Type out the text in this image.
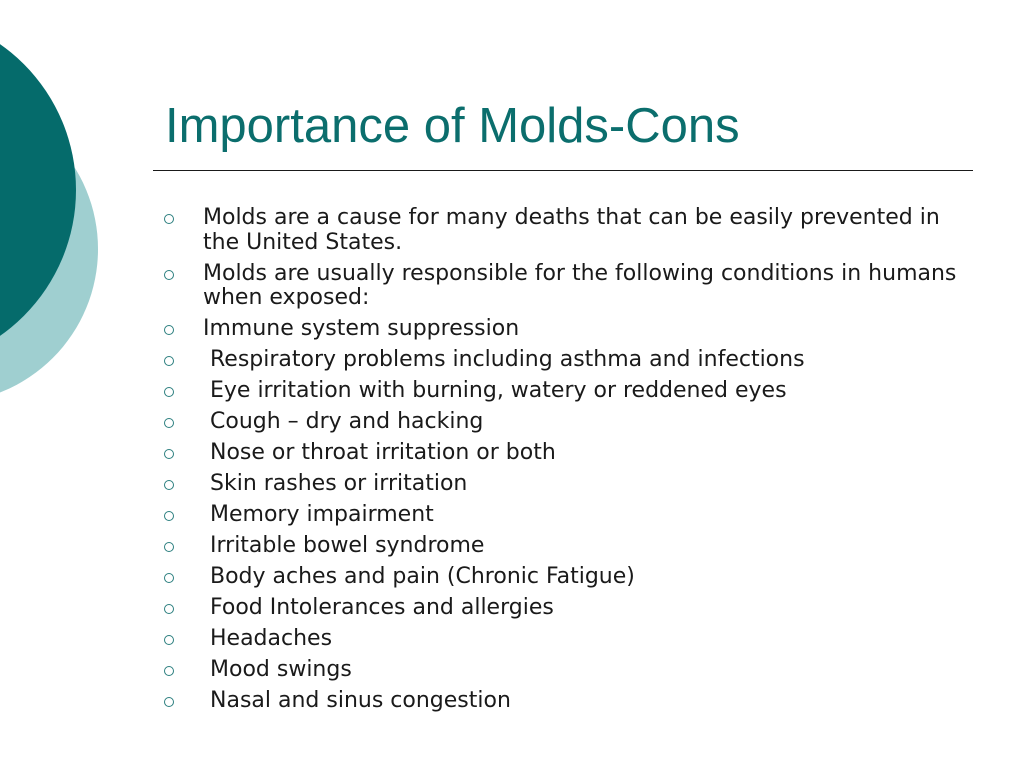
Importance of Molds-Cons
Molds are a cause for many deaths that can be easily prevented in the United States.
Molds are usually responsible for the following conditions in humans when exposed:
Immune system suppression
Respiratory problems including asthma and infections
Eye irritation with burning, watery or reddened eyes
Cough – dry and hacking
Nose or throat irritation or both
Skin rashes or irritation
Memory impairment
Irritable bowel syndrome
Body aches and pain (Chronic Fatigue)
Food Intolerances and allergies
Headaches
Mood swings
Nasal and sinus congestion
